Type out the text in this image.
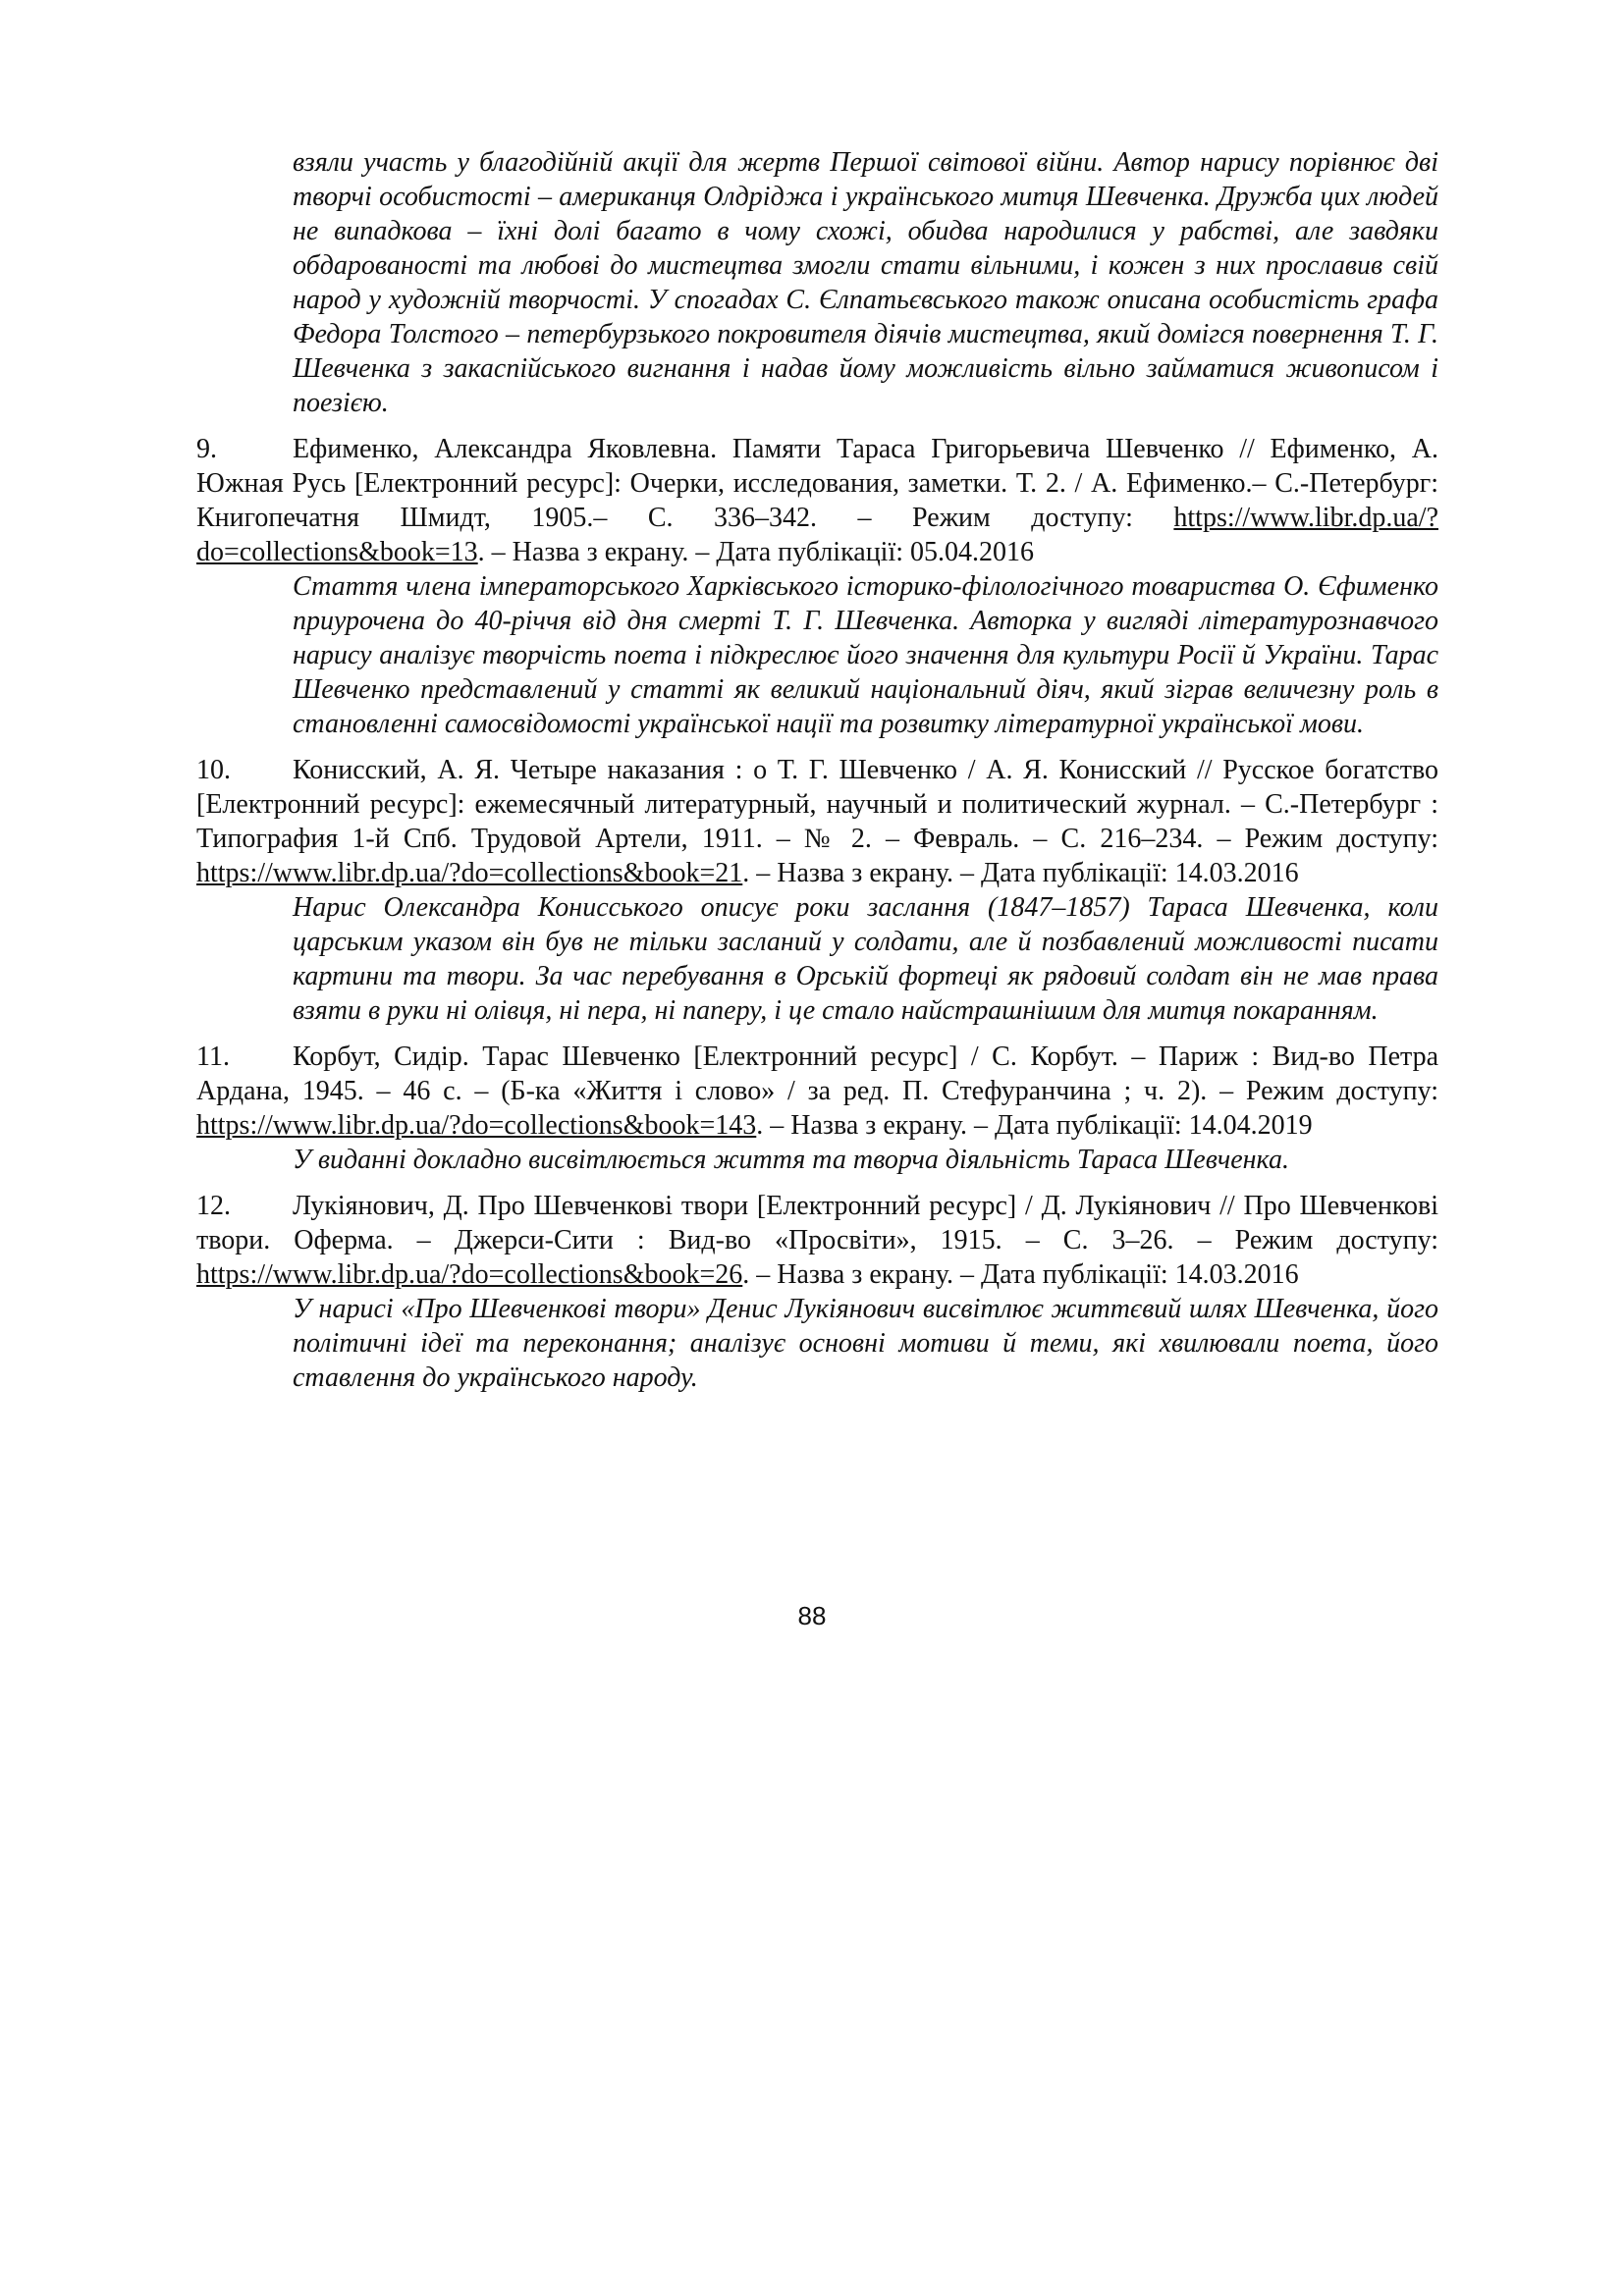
взяли участь у благодійній акції для жертв Першої світової війни. Автор нарису порівнює дві творчі особистості – американця Олдріджа і українського митця Шевченка. Дружба цих людей не випадкова – їхні долі багато в чому схожі, обидва народилися у рабстві, але завдяки обдарованості та любові до мистецтва змогли стати вільними, і кожен з них прославив свій народ у художній творчості. У спогадах С. Єлпатьєвського також описана особистість графа Федора Толстого – петербурзького покровителя діячів мистецтва, який домігся повернення Т. Г. Шевченка з закаспійського вигнання і надав йому можливість вільно займатися живописом і поезією.
9.	Ефименко, Александра Яковлевна. Памяти Тараса Григорьевича Шевченко // Ефименко, А. Южная Русь [Електронний ресурс]: Очерки, исследования, заметки. Т. 2. / А. Ефименко.– С.-Петербург: Книгопечатня Шмидт, 1905.– С. 336–342. – Режим доступу: https://www.libr.dp.ua/?do=collections&book=13. – Назва з екрану. – Дата публікації: 05.04.2016
Стаття члена імператорського Харківського історико-філологічного товариства О. Єфименко приурочена до 40-річчя від дня смерті Т. Г. Шевченка. Авторка у вигляді літературознавчого нарису аналізує творчість поета і підкреслює його значення для культури Росії й України. Тарас Шевченко представлений у статті як великий національний діяч, який зіграв величезну роль в становленні самосвідомості української нації та розвитку літературної української мови.
10. Конисский, А. Я. Четыре наказания : о Т. Г. Шевченко / А. Я. Конисский // Русское богатство [Електронний ресурс]: ежемесячный литературный, научный и политический журнал. – С.-Петербург : Типография 1-й Спб. Трудовой Артели, 1911. – № 2. – Февраль. – С. 216–234. – Режим доступу: https://www.libr.dp.ua/?do=collections&book=21. – Назва з екрану. – Дата публікації: 14.03.2016
Нарис Олександра Конисського описує роки заслання (1847–1857) Тараса Шевченка, коли царським указом він був не тільки засланий у солдати, але й позбавлений можливості писати картини та твори. За час перебування в Орській фортеці як рядовий солдат він не мав права взяти в руки ні олівця, ні пера, ні паперу, і це стало найстрашнішим для митця покаранням.
11. Корбут, Сидір. Тарас Шевченко [Електронний ресурс] / С. Корбут. – Париж : Вид-во Петра Ардана, 1945. – 46 с. – (Б-ка «Життя і слово» / за ред. П. Стефуранчина ; ч. 2). – Режим доступу: https://www.libr.dp.ua/?do=collections&book=143. – Назва з екрану. – Дата публікації: 14.04.2019
У виданні докладно висвітлюється життя та творча діяльність Тараса Шевченка.
12. Лукіянович, Д. Про Шевченкові твори [Електронний ресурс] / Д. Лукіянович // Про Шевченкові твори. Оферма. – Джерси-Сити : Вид-во «Просвіти», 1915. – С. 3–26. – Режим доступу: https://www.libr.dp.ua/?do=collections&book=26. – Назва з екрану. – Дата публікації: 14.03.2016
У нарисі «Про Шевченкові твори» Денис Лукіянович висвітлює життєвий шлях Шевченка, його політичні ідеї та переконання; аналізує основні мотиви й теми, які хвилювали поета, його ставлення до українського народу.
88
